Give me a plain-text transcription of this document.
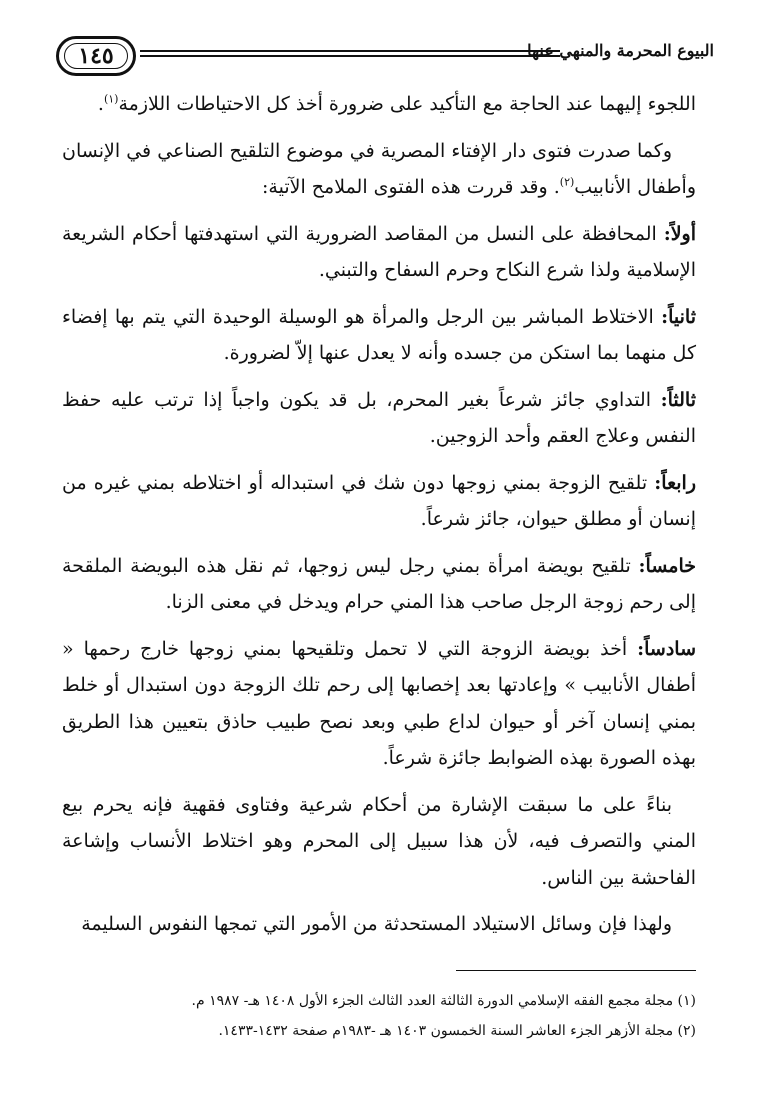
١٤٥	البيوع المحرمة والمنهي عنها

اللجوء إليهما عند الحاجة مع التأكيد على ضرورة أخذ كل الاحتياطات اللازمة$^{(١)}$.

وكما صدرت فتوى دار الإفتاء المصرية في موضوع التلقيح الصناعي في الإنسان وأطفال الأنابيب$^{(٢)}$. وقد قررت هذه الفتوى الملامح الآتية:

أولاً: المحافظة على النسل من المقاصد الضرورية التي استهدفتها أحكام الشريعة الإسلامية ولذا شرع النكاح وحرم السفاح والتبني.

ثانياً: الاختلاط المباشر بين الرجل والمرأة هو الوسيلة الوحيدة التي يتم بها إفضاء كل منهما بما استكن من جسده وأنه لا يعدل عنها إلاّ لضرورة.

ثالثاً: التداوي جائز شرعاً بغير المحرم، بل قد يكون واجباً إذا ترتب عليه حفظ النفس وعلاج العقم وأحد الزوجين.

رابعاً: تلقيح الزوجة بمني زوجها دون شك في استبداله أو اختلاطه بمني غيره من إنسان أو مطلق حيوان، جائز شرعاً.

خامساً: تلقيح بويضة امرأة بمني رجل ليس زوجها، ثم نقل هذه البويضة الملقحة إلى رحم زوجة الرجل صاحب هذا المني حرام ويدخل في معنى الزنا.

سادساً: أخذ بويضة الزوجة التي لا تحمل وتلقيحها بمني زوجها خارج رحمها « أطفال الأنابيب » وإعادتها بعد إخصابها إلى رحم تلك الزوجة دون استبدال أو خلط بمني إنسان آخر أو حيوان لداع طبي وبعد نصح طبيب حاذق بتعيين هذا الطريق بهذه الصورة بهذه الضوابط جائزة شرعاً.

بناءً على ما سبقت الإشارة من أحكام شرعية وفتاوى فقهية فإنه يحرم بيع المني والتصرف فيه، لأن هذا سبيل إلى المحرم وهو اختلاط الأنساب وإشاعة الفاحشة بين الناس.

ولهذا فإن وسائل الاستيلاد المستحدثة من الأمور التي تمجها النفوس السليمة

(١) مجلة مجمع الفقه الإسلامي الدورة الثالثة العدد الثالث الجزء الأول ١٤٠٨ هـ- ١٩٨٧ م.
(٢) مجلة الأزهر الجزء العاشر السنة الخمسون ١٤٠٣ هـ -١٩٨٣م صفحة ١٤٣٢-١٤٣٣.
